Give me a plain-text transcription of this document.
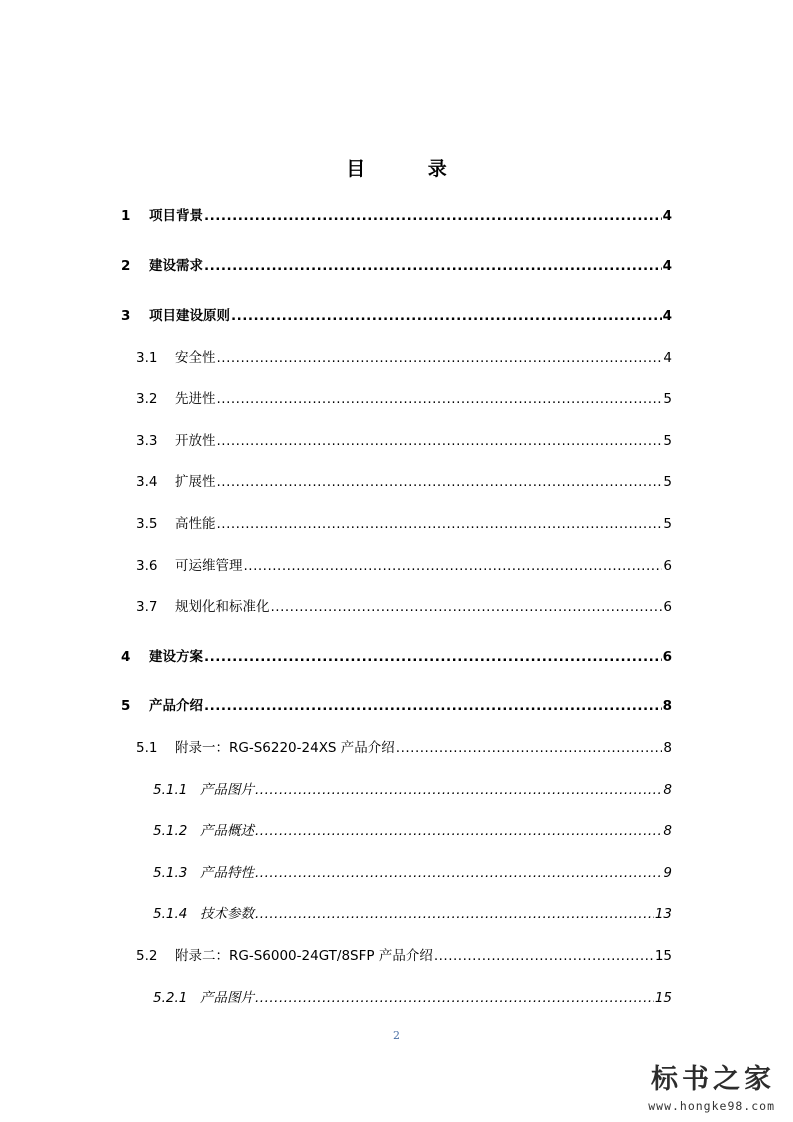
目 录
1	项目背景 .....	4
2	建设需求 .....	4
3	项目建设原则 .....	4
3.1	安全性 .....	4
3.2	先进性 .....	5
3.3	开放性 .....	5
3.4	扩展性 .....	5
3.5	高性能 .....	5
3.6	可运维管理 .....	6
3.7	规划化和标准化 .....	6
4	建设方案 .....	6
5	产品介绍 .....	8
5.1	附录一：RG-S6220-24XS 产品介绍 .....	8
5.1.1 产品图片 .....	8
5.1.2 产品概述 .....	8
5.1.3 产品特性 .....	9
5.1.4 技术参数 .....	13
5.2	附录二：RG-S6000-24GT/8SFP 产品介绍 .....	15
5.2.1 产品图片 .....	15
2
标书之家
www.hongke98.com
